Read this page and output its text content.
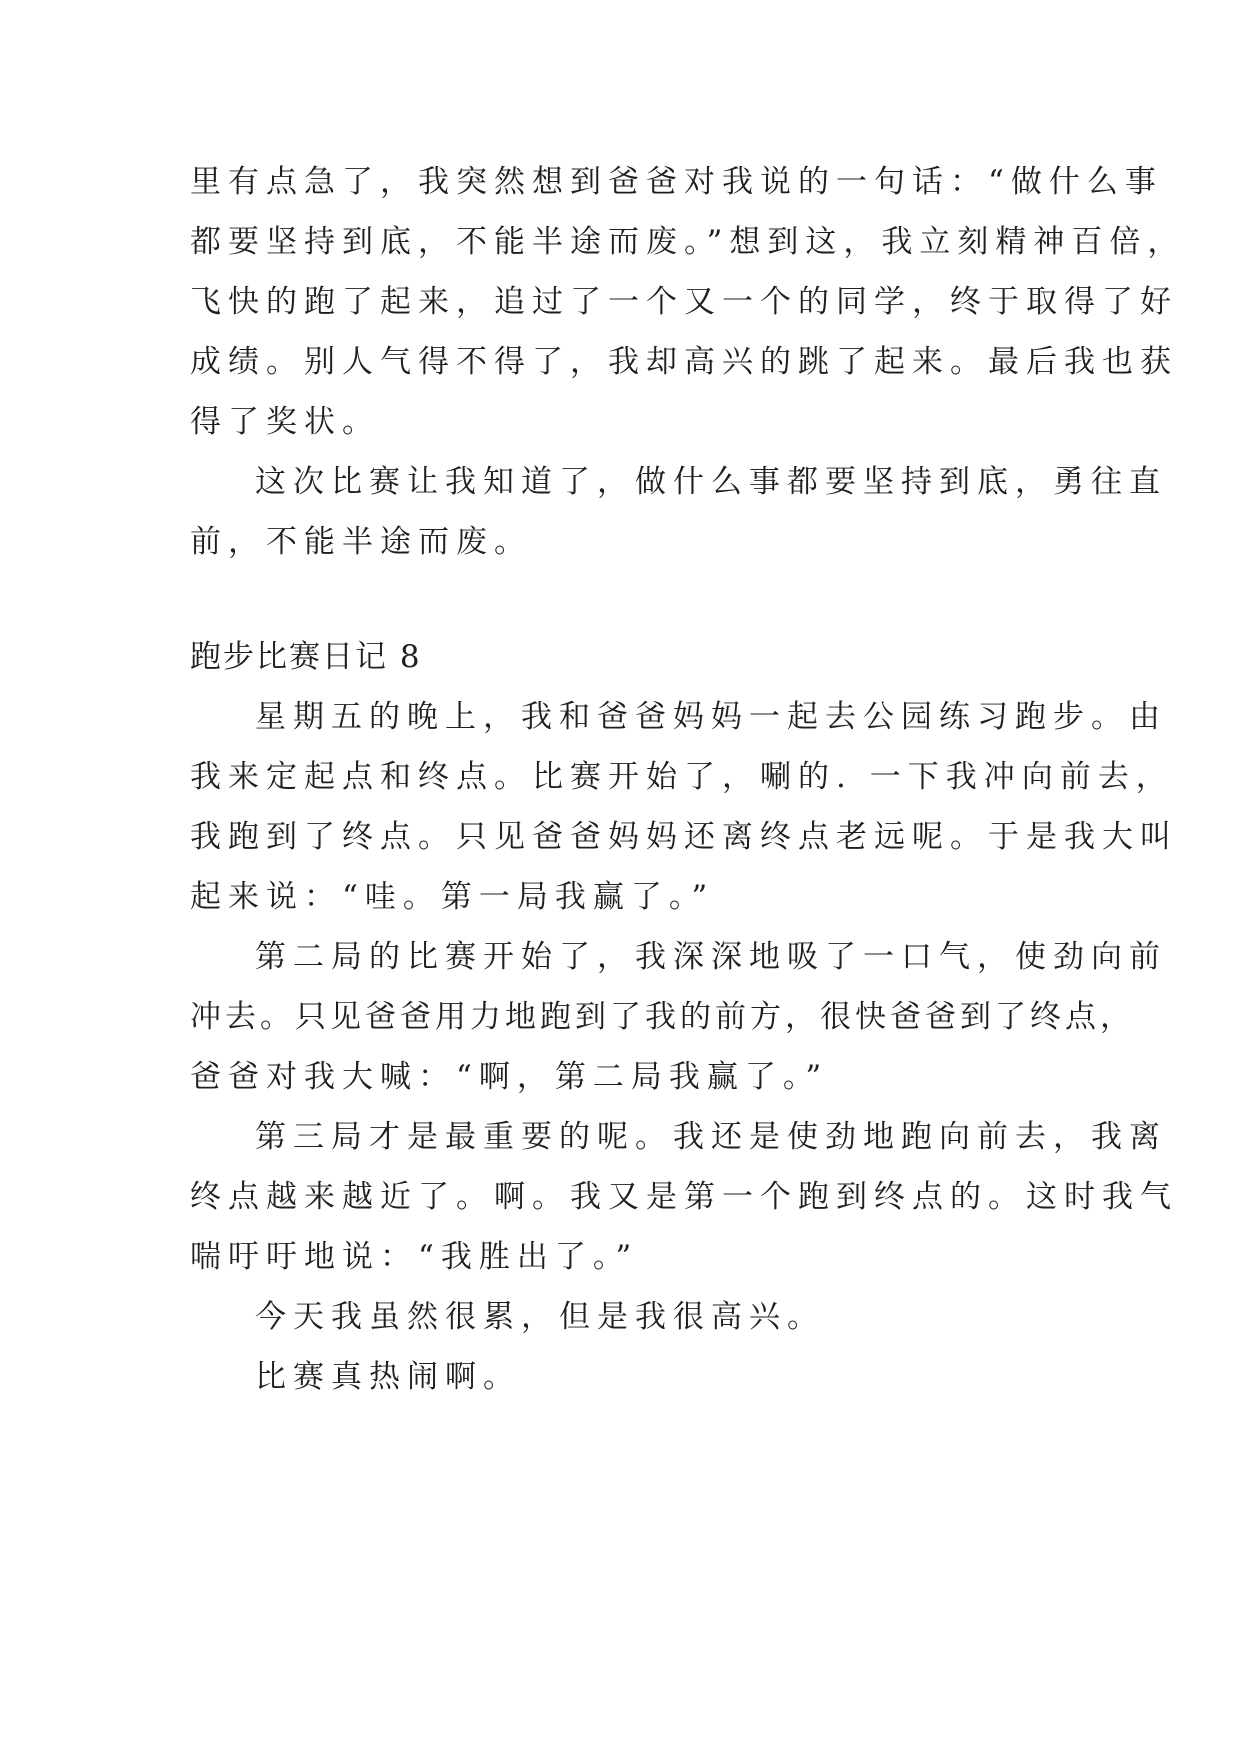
里有点急了，我突然想到爸爸对我说的一句话：“做什么事
都要坚持到底，不能半途而废。”想到这，我立刻精神百倍，
飞快的跑了起来，追过了一个又一个的同学，终于取得了好
成绩。别人气得不得了，我却高兴的跳了起来。最后我也获
得了奖状。
这次比赛让我知道了，做什么事都要坚持到底，勇往直
前，不能半途而废。
跑步比赛日记 8
星期五的晚上，我和爸爸妈妈一起去公园练习跑步。由
我来定起点和终点。比赛开始了，唰的. 一下我冲向前去，
我跑到了终点。只见爸爸妈妈还离终点老远呢。于是我大叫
起来说：“哇。第一局我赢了。”
第二局的比赛开始了，我深深地吸了一口气，使劲向前
冲去。只见爸爸用力地跑到了我的前方，很快爸爸到了终点，
爸爸对我大喊：“啊，第二局我赢了。”
第三局才是最重要的呢。我还是使劲地跑向前去，我离
终点越来越近了。啊。我又是第一个跑到终点的。这时我气
喘吁吁地说：“我胜出了。”
今天我虽然很累，但是我很高兴。
比赛真热闹啊。
